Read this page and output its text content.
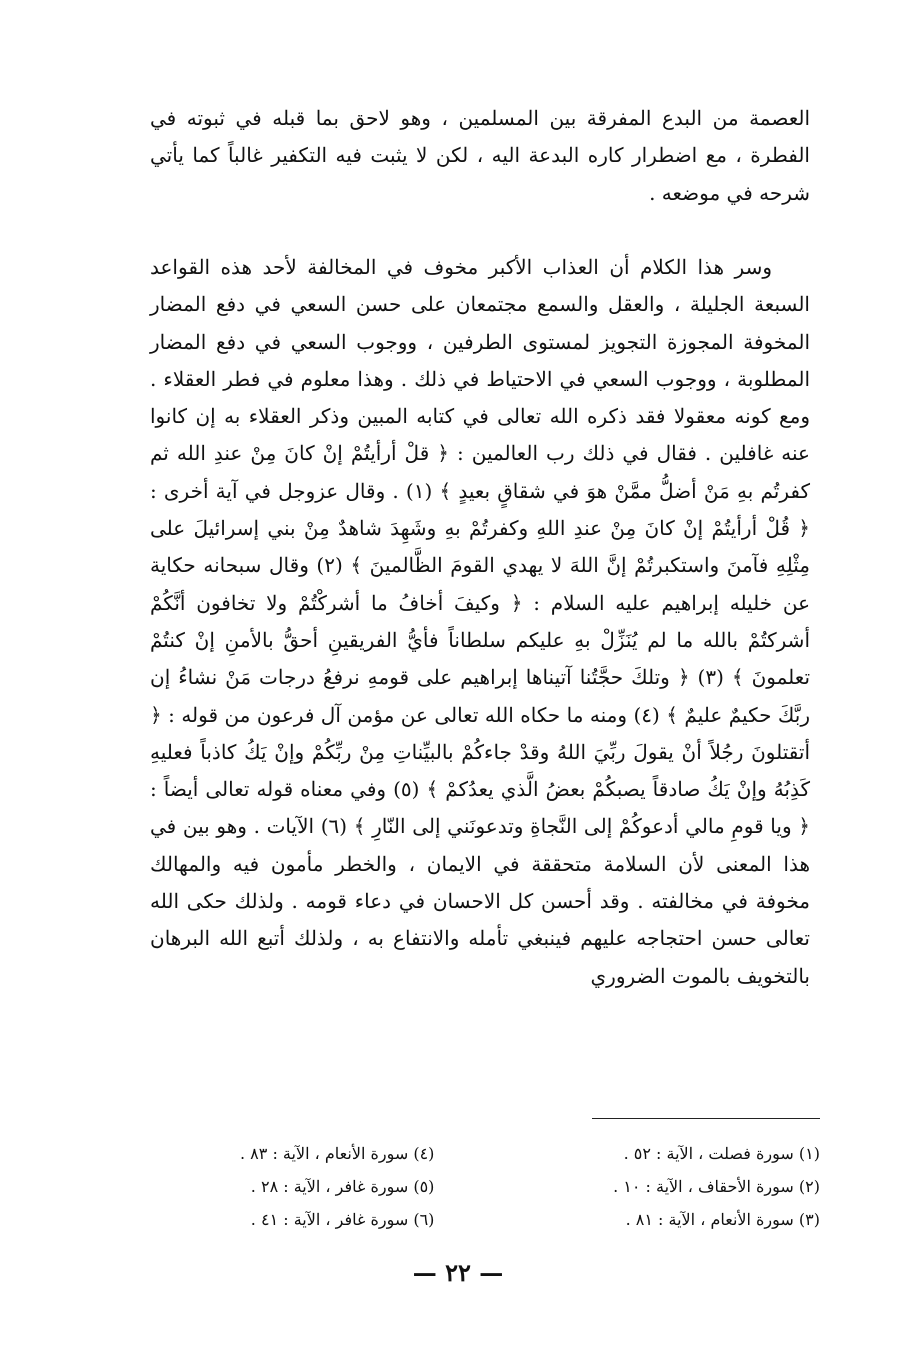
العصمة من البدع المفرقة بين المسلمين ، وهو لاحق بما قبله في ثبوته في الفطرة ، مع اضطرار كاره البدعة اليه ، لكن لا يثبت فيه التكفير غالباً كما يأتي شرحه في موضعه .

وسر هذا الكلام أن العذاب الأكبر مخوف في المخالفة لأحد هذه القواعد السبعة الجليلة ، والعقل والسمع مجتمعان على حسن السعي في دفع المضار المخوفة المجوزة التجويز لمستوى الطرفين ، ووجوب السعي في دفع المضار المطلوبة ، ووجوب السعي في الاحتياط في ذلك . وهذا معلوم في فطر العقلاء . ومع كونه معقولا فقد ذكره الله تعالى في كتابه المبين وذكر العقلاء به إن كانوا عنه غافلين . فقال في ذلك رب العالمين : ﴿ قلْ أرأيتُمْ إنْ كانَ مِنْ عندِ الله ثم كفرتُم بهِ مَنْ أضلُّ ممَّنْ هوَ في شقاقٍ بعيدٍ ﴾ (١) . وقال عزوجل في آية أخرى : ﴿ قُلْ أرأيتُمْ إنْ كانَ مِنْ عندِ اللهِ وكفرتُمْ بهِ وشَهِدَ شاهدٌ مِنْ بني إسرائيلَ على مِثْلِهِ فآمنَ واستكبرتُمْ إنَّ اللهَ لا يهدي القومَ الظَّالمينَ ﴾ (٢) وقال سبحانه حكاية عن خليله إبراهيم عليه السلام : ﴿ وكيفَ أخافُ ما أشركْتُمْ ولا تخافون أنَّكُمْ أشركتُمْ بالله ما لم يُنَزِّلْ بهِ عليكم سلطاناً فأيُّ الفريقينِ أحقُّ بالأمنِ إنْ كنتُمْ تعلمونَ ﴾ (٣) ﴿ وتلكَ حجَّتُنا آتيناها إبراهيم على قومهِ نرفعُ درجات مَنْ نشاءُ إن ربَّكَ حكيمٌ عليمٌ ﴾ (٤) ومنه ما حكاه الله تعالى عن مؤمن آل فرعون من قوله : ﴿ أتقتلونَ رجُلاً أنْ يقولَ ربِّيَ اللهُ وقدْ جاءكُمْ بالبيِّناتِ مِنْ ربِّكُمْ وإنْ يَكُ كاذباً فعليهِ كَذِبُهُ وإنْ يَكُ صادقاً يصبكُمْ بعضُ الَّذي يعدُكمْ ﴾ (٥) وفي معناه قوله تعالى أيضاً : ﴿ ويا قومِ مالي أدعوكُمْ إلى النَّجاةِ وتدعونَني إلى النّارِ ﴾ (٦) الآيات . وهو بين في هذا المعنى لأن السلامة متحققة في الايمان ، والخطر مأمون فيه والمهالك مخوفة في مخالفته . وقد أحسن كل الاحسان في دعاء قومه . ولذلك حكى الله تعالى حسن احتجاجه عليهم فينبغي تأمله والانتفاع به ، ولذلك أتبع الله البرهان بالتخويف بالموت الضروري

(١) سورة فصلت ، الآية : ٥٢ .
(٢) سورة الأحقاف ، الآية : ١٠ .
(٣) سورة الأنعام ، الآية : ٨١ .
(٤) سورة الأنعام ، الآية : ٨٣ .
(٥) سورة غافر ، الآية : ٢٨ .
(٦) سورة غافر ، الآية : ٤١ .
— ٢٢ —
